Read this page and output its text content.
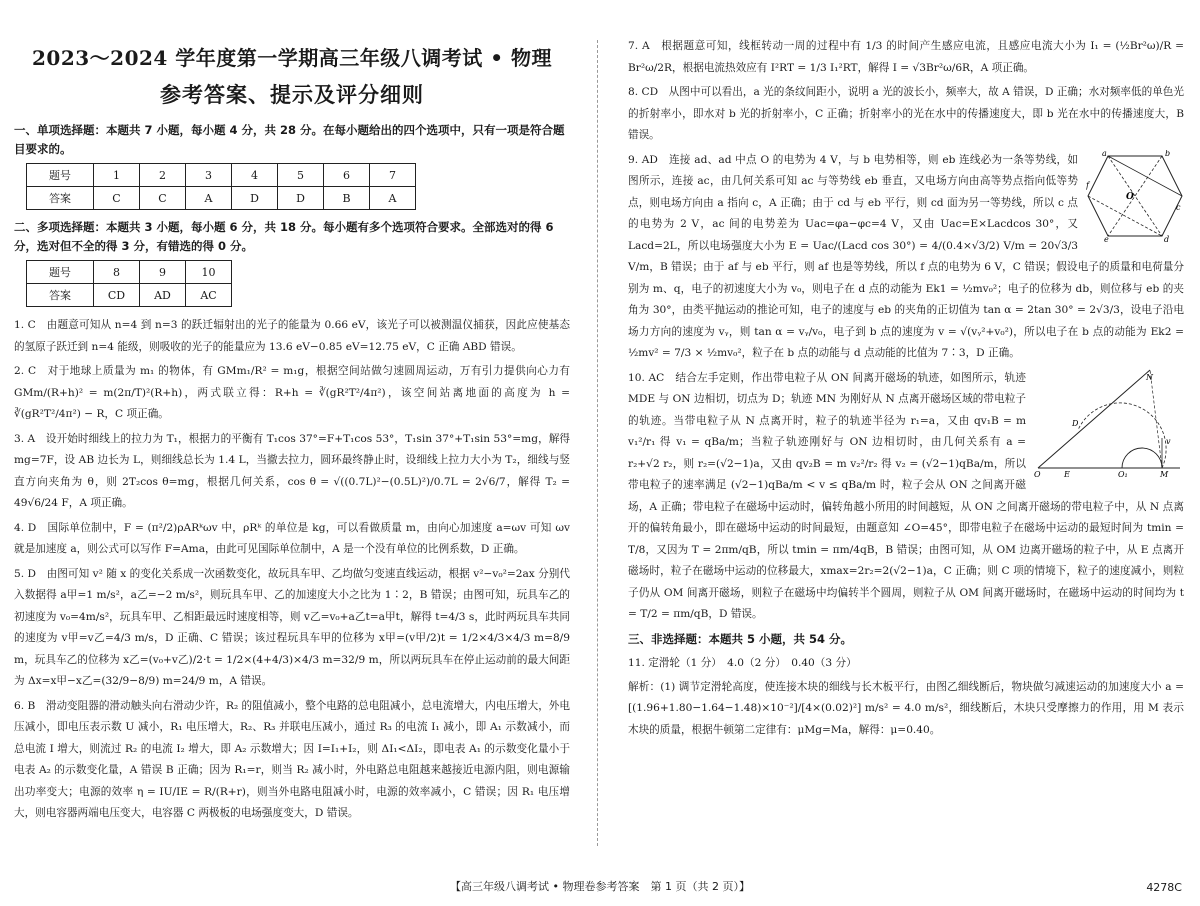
2023～2024 学年度第一学期高三年级八调考试 • 物理
参考答案、提示及评分细则
一、单项选择题：本题共 7 小题，每小题 4 分，共 28 分。在每小题给出的四个选项中，只有一项是符合题目要求的。
题号	1	2	3	4	5	6	7
答案	C	C	A	D	D	B	A
二、多项选择题：本题共 3 小题，每小题 6 分，共 18 分。每小题有多个选项符合要求。全部选对的得 6 分，选对但不全的得 3 分，有错选的得 0 分。
题号	8	9	10
答案	CD	AD	AC

1. C　由题意可知从 n=4 到 n=3 的跃迁辐射出的光子的能量为 0.66 eV，该光子可以被测温仪捕获，因此应使基态的氢原子跃迁到 n=4 能级，则吸收的光子的能量应为 13.6 eV−0.85 eV=12.75 eV，C 正确 ABD 错误。

2. C　对于地球上质量为 m₁ 的物体，有 GMm₁/R² = m₁g，根据空间站做匀速圆周运动，万有引力提供向心力有 GMm/(R+h)² = m(2π/T)²(R+h)，两式联立得：R+h = ∛(gR²T²/4π²)，该空间站离地面的高度为 h = ∛(gR²T²/4π²) − R，C 项正确。

3. A　设开始时细线上的拉力为 T₁，根据力的平衡有 T₁cos 37°=F+T₁cos 53°，T₁sin 37°+T₁sin 53°=mg，解得 mg=7F，设 AB 边长为 L，则细线总长为 1.4 L，当撤去拉力，圆环最终静止时，设细线上拉力大小为 T₂，细线与竖直方向夹角为 θ，则 2T₂cos θ=mg，根据几何关系，cos θ = √((0.7L)²−(0.5L)²)/0.7L = 2√6/7，解得 T₂ = 49√6/24 F，A 项正确。

4. D　国际单位制中，F = (π²/2)ρARᵏωv 中，ρRᵏ 的单位是 kg，可以看做质量 m，由向心加速度 a=ωv 可知 ωv 就是加速度 a，则公式可以写作 F=Ama，由此可见国际单位制中，A 是一个没有单位的比例系数，D 正确。

5. D　由图可知 v² 随 x 的变化关系成一次函数变化，故玩具车甲、乙均做匀变速直线运动，根据 v²−v₀²=2ax 分别代入数据得 a甲=1 m/s²，a乙=−2 m/s²，则玩具车甲、乙的加速度大小之比为 1∶2，B 错误；由图可知，玩具车乙的初速度为 v₀=4m/s²，玩具车甲、乙相距最远时速度相等，则 v乙=v₀+a乙t=a甲t，解得 t=4/3 s，此时两玩具车共同的速度为 v甲=v乙=4/3 m/s，D 正确、C 错误；该过程玩具车甲的位移为 x甲=(v甲/2)t = 1/2×4/3×4/3 m=8/9 m，玩具车乙的位移为 x乙=(v₀+v乙)/2·t = 1/2×(4+4/3)×4/3 m=32/9 m，所以两玩具车在停止运动前的最大间距为 Δx=x甲−x乙=(32/9−8/9) m=24/9 m，A 错误。

6. B　滑动变阻器的滑动触头向右滑动少许，R₂ 的阻值减小，整个电路的总电阻减小，总电流增大，内电压增大，外电压减小，即电压表示数 U 减小，R₁ 电压增大，R₂、R₃ 并联电压减小，通过 R₃ 的电流 I₁ 减小，即 A₁ 示数减小，而总电流 I 增大，则流过 R₂ 的电流 I₂ 增大，即 A₂ 示数增大；因 I=I₁+I₂，则 ΔI₁<ΔI₂，即电表 A₁ 的示数变化量小于电表 A₂ 的示数变化量，A 错误 B 正确；因为 R₁=r，则当 R₂ 减小时，外电路总电阻越来越接近电源内阻，则电源输出功率变大；电源的效率 η = IU/IE = R/(R+r)，则当外电路电阻减小时，电源的效率减小，C 错误；因 R₁ 电压增大，则电容器两端电压变大，电容器 C 两极板的电场强度变大，D 错误。

7. A　根据题意可知，线框转动一周的过程中有 1/3 的时间产生感应电流，且感应电流大小为 I₁ = (½Br²ω)/R = Br²ω/2R，根据电流热效应有 I²RT = 1/3 I₁²RT，解得 I = √3Br²ω/6R，A 项正确。

8. CD　从图中可以看出，a 光的条纹间距小，说明 a 光的波长小，频率大，故 A 错误，D 正确；水对频率低的单色光的折射率小，即水对 b 光的折射率小，C 正确；折射率小的光在水中的传播速度大，即 b 光在水中的传播速度大，B 错误。

a	b
c
d
e
f
O

9. AD　连接 ad、ad 中点 O 的电势为 4 V，与 b 电势相等，则 eb 连线必为一条等势线，如图所示，连接 ac，由几何关系可知 ac 与等势线 eb 垂直，又电场方向由高等势点指向低等势点，则电场方向由 a 指向 c，A 正确；由于 cd 与 eb 平行，则 cd 面为另一等势线，所以 c 点的电势为 2 V，ac 间的电势差为 Uac=φa−φc=4 V，又由 Uac=E×Lacdcos 30°，又 Lacd=2L，所以电场强度大小为 E = Uac/(Lacd cos 30°) = 4/(0.4×√3/2) V/m = 20√3/3 V/m，B 错误；由于 af 与 eb 平行，则 af 也是等势线，所以 f 点的电势为 6 V，C 错误；假设电子的质量和电荷量分别为 m、q，电子的初速度大小为 v₀，则电子在 d 点的动能为 Ek1 = ½mv₀²；电子的位移为 db，则位移与 eb 的夹角为 30°，由类平抛运动的推论可知，电子的速度与 eb 的夹角的正切值为 tan α = 2tan 30° = 2√3/3，设电子沿电场力方向的速度为 vᵧ，则 tan α = vᵧ/v₀，电子到 b 点的速度为 v = √(vᵧ²+v₀²)，所以电子在 b 点的动能为 Ek2 = ½mv² = 7/3 × ½mv₀²，粒子在 b 点的动能与 d 点动能的比值为 7∶3，D 正确。

N
D
O	E	O₁	M
v

10. AC　结合左手定则，作出带电粒子从 ON 间离开磁场的轨迹，如图所示，轨迹 MDE 与 ON 边相切，切点为 D；轨迹 MN 为刚好从 N 点离开磁场区域的带电粒子的轨迹。当带电粒子从 N 点离开时，粒子的轨迹半径为 r₁=a，又由 qv₁B = m v₁²/r₁ 得 v₁ = qBa/m；当粒子轨迹刚好与 ON 边相切时，由几何关系有 a = r₂+√2 r₂，则 r₂=(√2−1)a，又由 qv₂B = m v₂²/r₂ 得 v₂ = (√2−1)qBa/m，所以带电粒子的速率满足 (√2−1)qBa/m < v ≤ qBa/m 时，粒子会从 ON 之间离开磁场，A 正确；带电粒子在磁场中运动时，偏转角越小所用的时间越短，从 ON 之间离开磁场的带电粒子中，从 N 点离开的偏转角最小，即在磁场中运动的时间最短，由题意知 ∠O=45°，即带电粒子在磁场中运动的最短时间为 tmin = T/8，又因为 T = 2πm/qB，所以 tmin = πm/4qB，B 错误；由图可知，从 OM 边离开磁场的粒子中，从 E 点离开磁场时，粒子在磁场中运动的位移最大，xmax=2r₂=2(√2−1)a，C 正确；则 C 项的情境下，粒子的速度减小，则粒子仍从 OM 间离开磁场，则粒子在磁场中均偏转半个圆周，则粒子从 OM 间离开磁场时，在磁场中运动的时间均为 t = T/2 = πm/qB，D 错误。

三、非选择题：本题共 5 小题，共 54 分。

11. 定滑轮（1 分）　4.0（2 分）　0.40（3 分）

解析：(1) 调节定滑轮高度，使连接木块的细线与长木板平行，由图乙细线断后，物块做匀减速运动的加速度大小 a = [(1.96+1.80−1.64−1.48)×10⁻²]/[4×(0.02)²] m/s² = 4.0 m/s²，细线断后，木块只受摩擦力的作用，用 M 表示木块的质量，根据牛顿第二定律有：μMg=Ma，解得：μ=0.40。

【高三年级八调考试 • 物理卷参考答案　第 1 页（共 2 页）】	4278C
